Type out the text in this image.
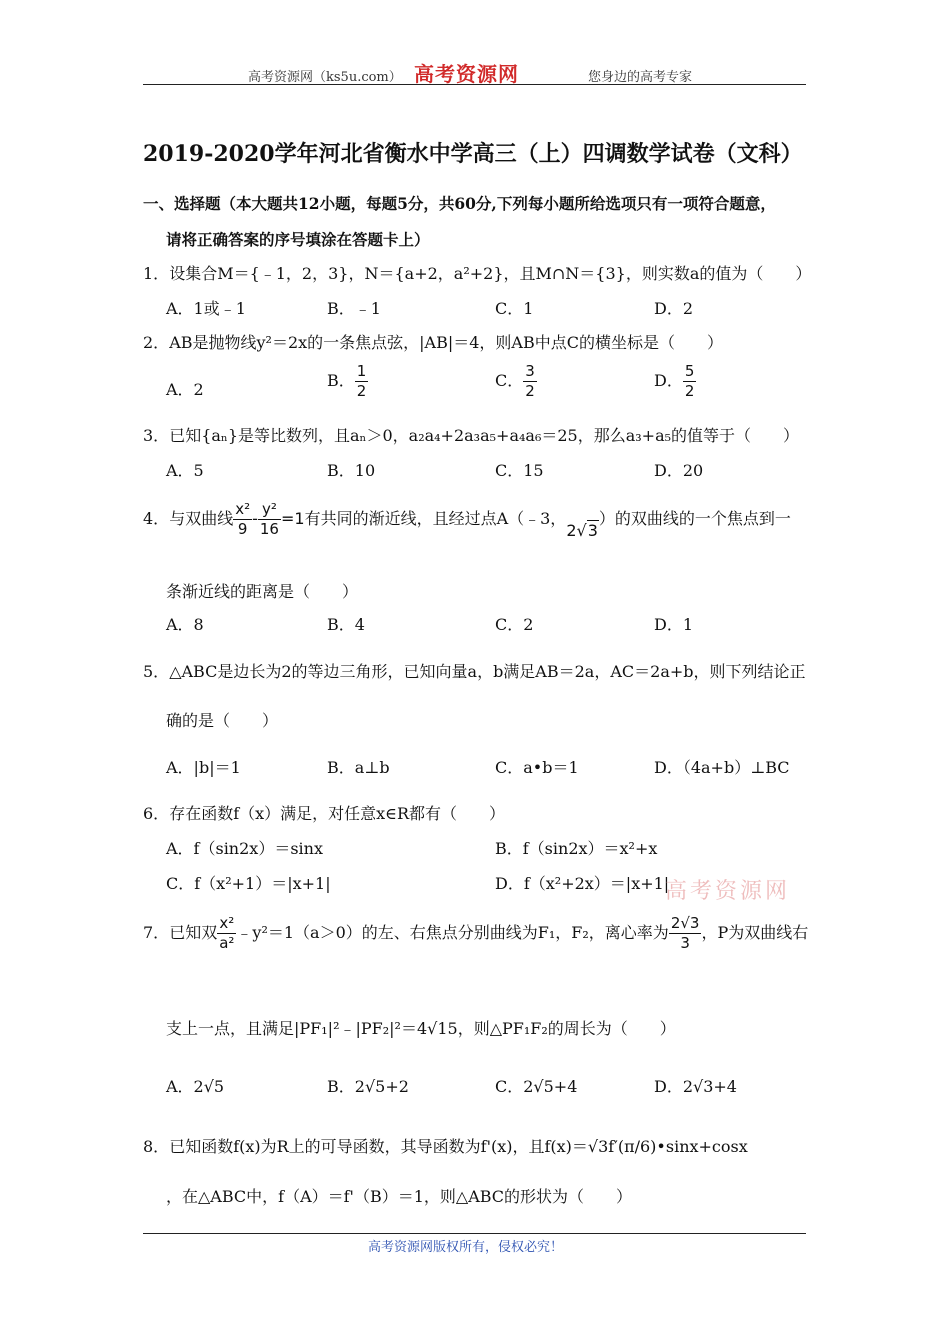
高考资源网（ks5u.com） 高考资源网	您身边的高考专家
2019-2020学年河北省衡水中学高三（上）四调数学试卷（文科）
一、选择题（本大题共12小题，每题5分，共60分,下列每小题所给选项只有一项符合题意，
请将正确答案的序号填涂在答题卡上）
1．设集合M＝{﹣1，2，3}，N＝{a+2，a²+2}，且M∩N＝{3}，则实数a的值为（　　）
A．1或﹣1	B．﹣1	C．1	D．2
2．AB是抛物线y²＝2x的一条焦点弦，|AB|＝4，则AB中点C的横坐标是（　　）
A．2	B． $\frac{1}{2}$	C． $\frac{3}{2}$	D． $\frac{5}{2}$
3．已知{aₙ}是等比数列，且aₙ＞0，a₂a₄+2a₃a₅+a₄a₆＝25，那么a₃+a₅的值等于（　　）
A．5	B．10	C．15	D．20
4．与双曲线 $\frac{\text{x²}}{9} - \frac{\text{y²}}{16} =1$有共同的渐近线，且经过点A（﹣3，2√3）的双曲线的一个焦点到一
条渐近线的距离是（　　）
A．8	B．4	C．2	D．1
5．△ABC是边长为2的等边三角形，已知向量a，b满足AB＝2a，AC＝2a+b，则下列结论正
确的是（　　）
A．|b|＝1	B．a⊥b	C．a•b＝1	D．（4a+b）⊥BC
6．存在函数f（x）满足，对任意x∈R都有（　　）
A．f（sin2x）＝sinx	B．f（sin2x）＝x²+x
C．f（x²+1）＝|x+1|	D．f（x²+2x）＝|x+1|
高考资源网
7．已知双 $\frac{\text{x²}}{\text{a²}}$ ﹣y²＝1（a＞0）的左、右焦点分别曲线为F₁，F₂，离心率为 $\frac{2√3}{3}$ ，P为双曲线右
支上一点，且满足|PF₁|²﹣|PF₂|²＝4√15，则△PF₁F₂的周长为（　　）
A．2√5	B．2√5+2	C．2√5+4	D．2√3+4
8．已知函数f(x)为R上的可导函数，其导函数为f'(x)，且f(x)＝√3f′(π/6)•sinx+cosx
，在△ABC中，f（A）＝f'（B）＝1，则△ABC的形状为（　　）
高考资源网版权所有，侵权必究！
